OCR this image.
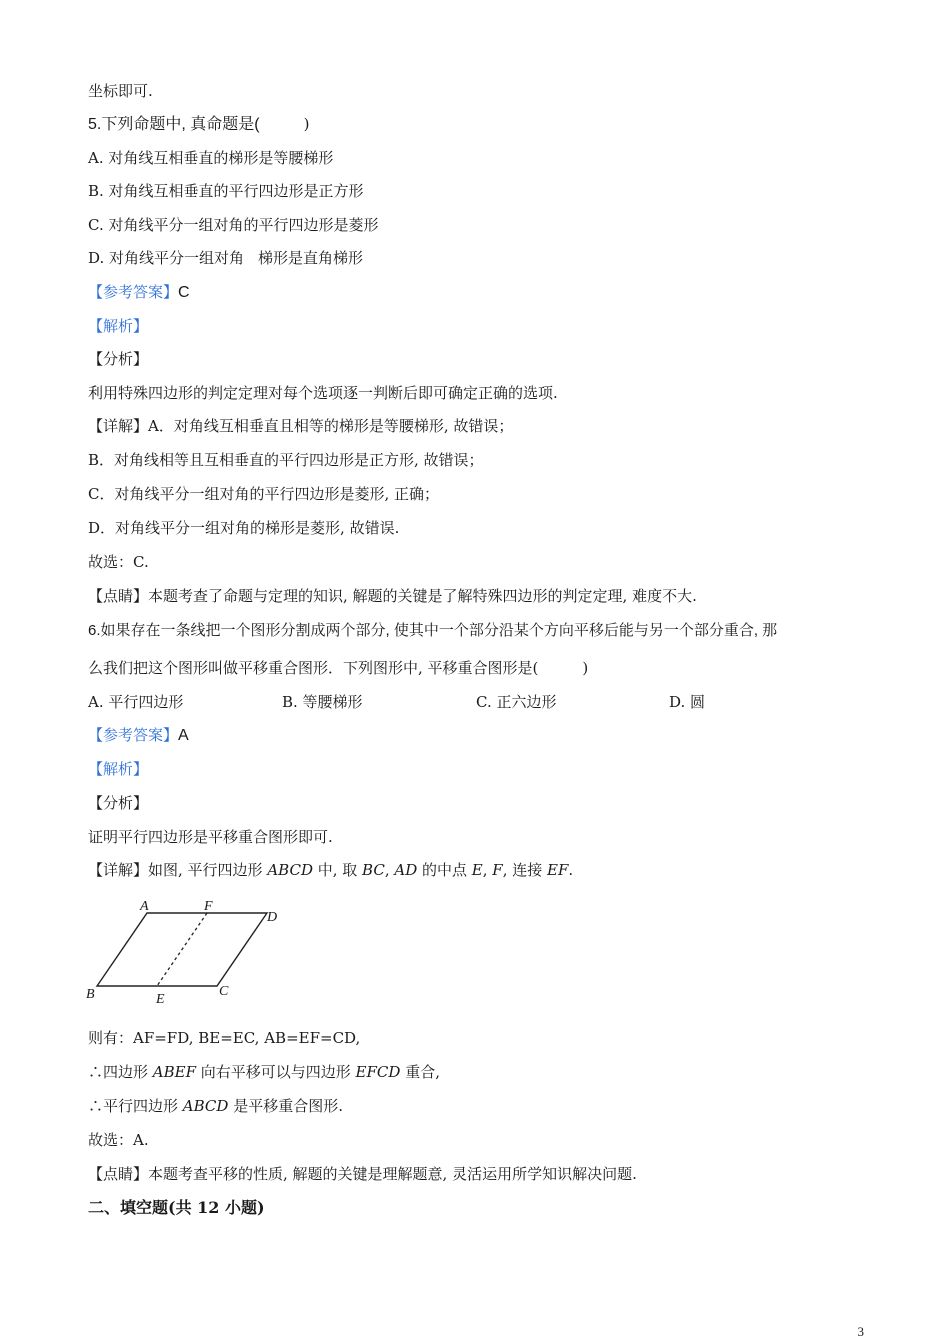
坐标即可.
5.下列命题中, 真命题是(	)
A. 对角线互相垂直的梯形是等腰梯形
B. 对角线互相垂直的平行四边形是正方形
C. 对角线平分一组对角的平行四边形是菱形
D. 对角线平分一组对角 梯形是直角梯形
【参考答案】C
【解析】
【分析】
利用特殊四边形的判定定理对每个选项逐一判断后即可确定正确的选项.
【详解】A．对角线互相垂直且相等的梯形是等腰梯形, 故错误；
B．对角线相等且互相垂直的平行四边形是正方形, 故错误；
C．对角线平分一组对角的平行四边形是菱形, 正确；
D．对角线平分一组对角的梯形是菱形, 故错误.
故选：C.
【点睛】本题考查了命题与定理的知识, 解题的关键是了解特殊四边形的判定定理, 难度不大.
6.如果存在一条线把一个图形分割成两个部分, 使其中一个部分沿某个方向平移后能与另一个部分重合, 那
么我们把这个图形叫做平移重合图形．下列图形中, 平移重合图形是(	)
A. 平行四边形	B. 等腰梯形	C. 正六边形	D. 圆
【参考答案】A
【解析】
【分析】
证明平行四边形是平移重合图形即可.
【详解】如图, 平行四边形 ABCD 中, 取 BC, AD 的中点 E, F, 连接 EF.
A	F
D
B	E
C
则有：AF=FD, BE=EC, AB=EF=CD,
∴四边形 ABEF 向右平移可以与四边形 EFCD 重合,
∴平行四边形 ABCD 是平移重合图形.
故选：A.
【点睛】本题考查平移的性质, 解题的关键是理解题意, 灵活运用所学知识解决问题.
二、填空题(共 12 小题)
3
